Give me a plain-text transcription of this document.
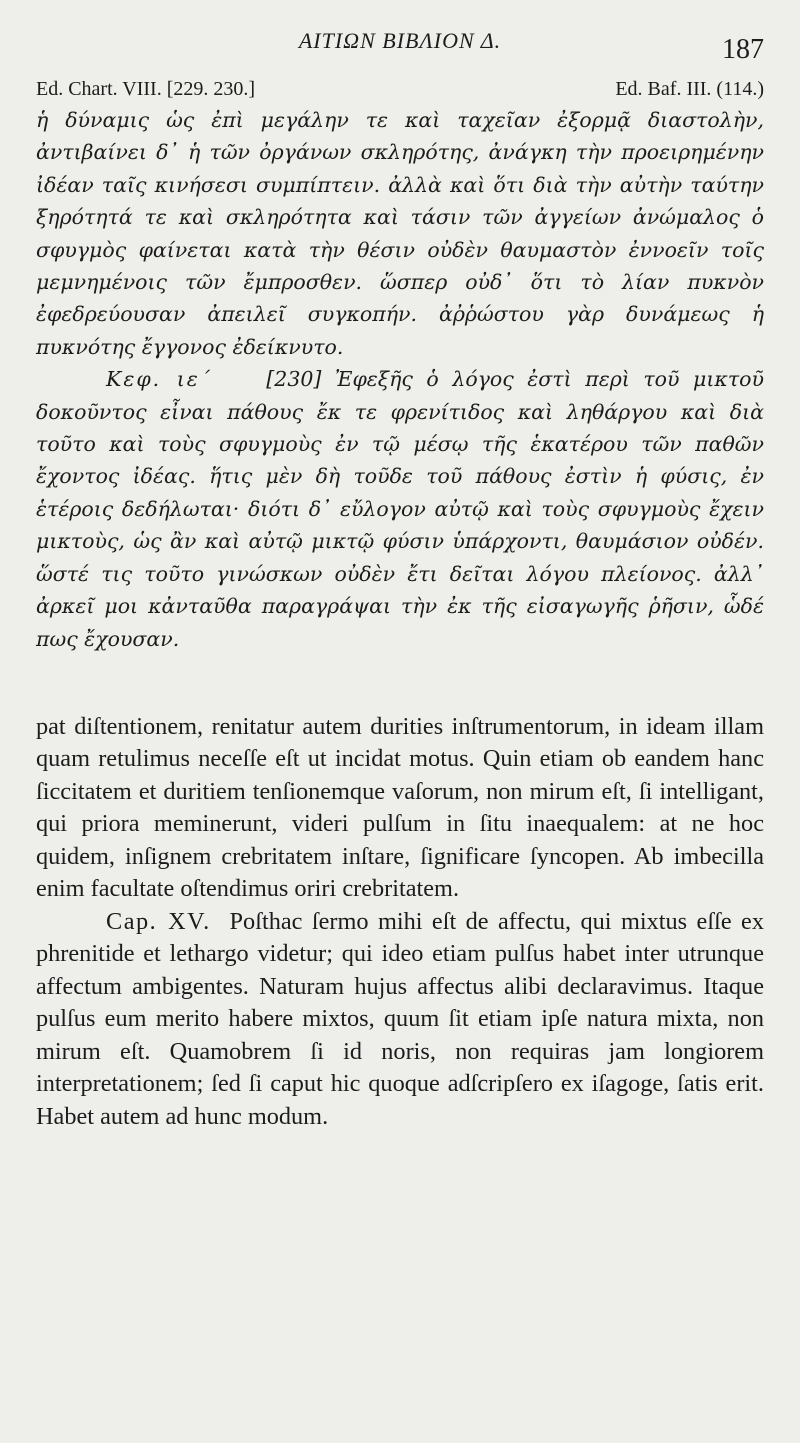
ΑΙΤΙΩΝ ΒΙΒΛΙΟΝ Δ.	187
Ed. Chart. VIII. [229. 230.]	Ed. Baf. III. (114.)

ἡ δύναμις ὡς ἐπὶ μεγάλην τε καὶ ταχεῖαν ἐξορμᾷ διαστολὴν, ἀντιβαίνει δ᾽ ἡ τῶν ὀργάνων σκληρότης, ἀνάγκη τὴν προειρημένην ἰδέαν ταῖς κινήσεσι συμπίπτειν. ἀλλὰ καὶ ὅτι διὰ τὴν αὐτὴν ταύτην ξηρότητά τε καὶ σκληρότητα καὶ τάσιν τῶν ἀγγείων ἀνώμαλος ὁ σφυγμὸς φαίνεται κατὰ τὴν θέσιν οὐδὲν θαυμαστὸν ἐννοεῖν τοῖς μεμνημένοις τῶν ἔμπροσθεν. ὥσπερ οὐδ᾽ ὅτι τὸ λίαν πυκνὸν ἐφεδρεύουσαν ἀπειλεῖ συγκοπήν. ἀῤῥώστου γὰρ δυνάμεως ἡ πυκνότης ἔγγονος ἐδείκνυτο.

Κεφ. ιε΄	[230] Ἐφεξῆς ὁ λόγος ἐστὶ περὶ τοῦ μικτοῦ δοκοῦντος εἶναι πάθους ἔκ τε φρενίτιδος καὶ ληθάργου καὶ διὰ τοῦτο καὶ τοὺς σφυγμοὺς ἐν τῷ μέσῳ τῆς ἑκατέρου τῶν παθῶν ἔχοντος ἰδέας. ἥτις μὲν δὴ τοῦδε τοῦ πάθους ἐστὶν ἡ φύσις, ἐν ἑτέροις δεδήλωται· διότι δ᾽ εὔλογον αὐτῷ καὶ τοὺς σφυγμοὺς ἔχειν μικτοὺς, ὡς ἂν καὶ αὐτῷ μικτῷ φύσιν ὑπάρχοντι, θαυμάσιον οὐδέν. ὥστέ τις τοῦτο γινώσκων οὐδὲν ἔτι δεῖται λόγου πλείονος. ἀλλ᾽ ἀρκεῖ μοι κἀνταῦθα παραγράψαι τὴν ἐκ τῆς εἰσαγωγῆς ῥῆσιν, ὧδέ πως ἔχουσαν.

pat diſtentionem, renitatur autem durities inſtrumentorum, in ideam illam quam retulimus neceſſe eſt ut incidat motus. Quin etiam ob eandem hanc ſiccitatem et duritiem tenſionemque vaſorum, non mirum eſt, ſi intelligant, qui priora meminerunt, videri pulſum in ſitu inaequalem: at ne hoc quidem, inſignem crebritatem inſtare, ſignificare ſyncopen. Ab imbecilla enim facultate oſtendimus oriri crebritatem.

Cap. XV. Poſthac ſermo mihi eſt de affectu, qui mixtus eſſe ex phrenitide et lethargo videtur; qui ideo etiam pulſus habet inter utrunque affectum ambigentes. Naturam hujus affectus alibi declaravimus. Itaque pulſus eum merito habere mixtos, quum ſit etiam ipſe natura mixta, non mirum eſt. Quamobrem ſi id noris, non requiras jam longiorem interpretationem; ſed ſi caput hic quoque adſcripſero ex iſagoge, ſatis erit. Habet autem ad hunc modum.
